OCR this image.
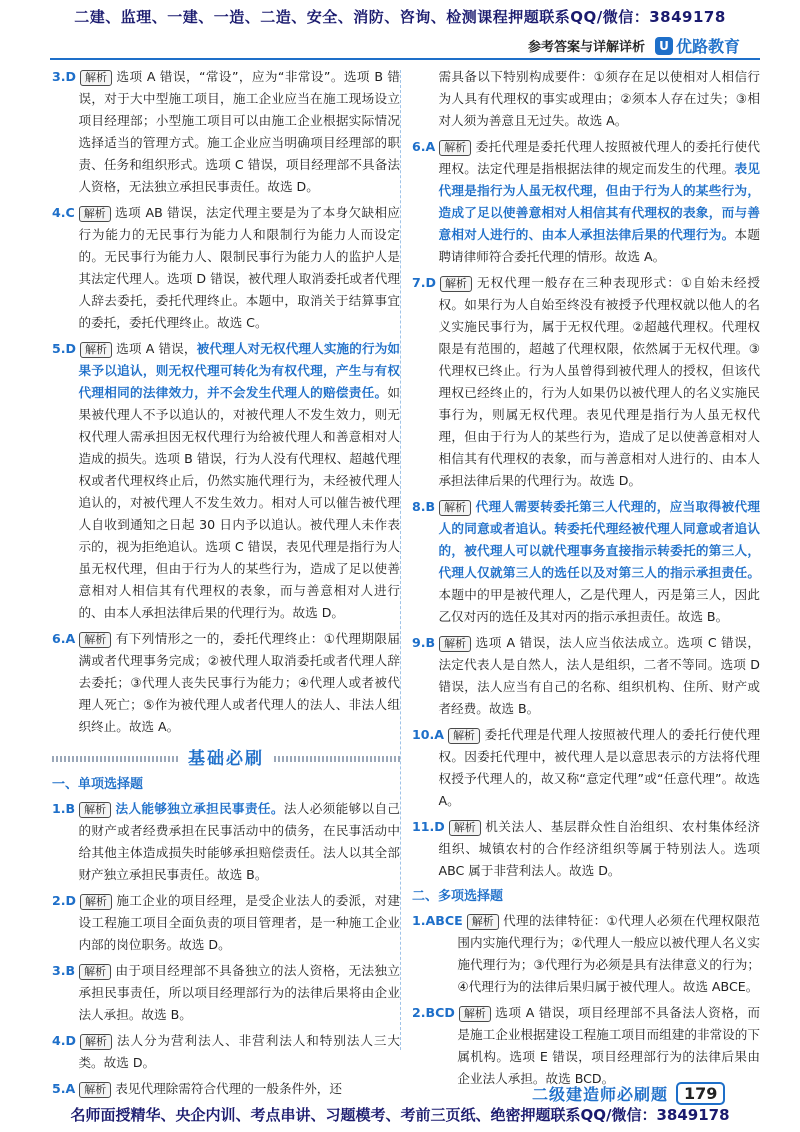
二建、监理、一建、一造、二造、安全、消防、咨询、检测课程押题联系QQ/微信：3849178
参考答案与详解详析	U 优路教育
3.D 解析 选项 A 错误，“常设”，应为“非常设”。选项 B 错误，对于大中型施工项目，施工企业应当在施工现场设立项目经理部；小型施工项目可以由施工企业根据实际情况选择适当的管理方式。施工企业应当明确项目经理部的职责、任务和组织形式。选项 C 错误，项目经理部不具备法人资格，无法独立承担民事责任。故选 D。
4.C 解析 选项 AB 错误，法定代理主要是为了本身欠缺相应行为能力的无民事行为能力人和限制行为能力人而设定的。无民事行为能力人、限制民事行为能力人的监护人是其法定代理人。选项 D 错误，被代理人取消委托或者代理人辞去委托，委托代理终止。本题中，取消关于结算事宜的委托，委托代理终止。故选 C。
5.D 解析 选项 A 错误，被代理人对无权代理人实施的行为如果予以追认，则无权代理可转化为有权代理，产生与有权代理相同的法律效力，并不会发生代理人的赔偿责任。如果被代理人不予以追认的，对被代理人不发生效力，则无权代理人需承担因无权代理行为给被代理人和善意相对人造成的损失。选项 B 错误，行为人没有代理权、超越代理权或者代理权终止后，仍然实施代理行为，未经被代理人追认的，对被代理人不发生效力。相对人可以催告被代理人自收到通知之日起 30 日内予以追认。被代理人未作表示的，视为拒绝追认。选项 C 错误，表见代理是指行为人虽无权代理，但由于行为人的某些行为，造成了足以使善意相对人相信其有代理权的表象，而与善意相对人进行的、由本人承担法律后果的代理行为。故选 D。
6.A 解析 有下列情形之一的，委托代理终止：①代理期限届满或者代理事务完成；②被代理人取消委托或者代理人辞去委托；③代理人丧失民事行为能力；④代理人或者被代理人死亡；⑤作为被代理人或者代理人的法人、非法人组织终止。故选 A。
基础必刷
一、单项选择题
1.B 解析 法人能够独立承担民事责任。法人必须能够以自己的财产或者经费承担在民事活动中的债务，在民事活动中给其他主体造成损失时能够承担赔偿责任。法人以其全部财产独立承担民事责任。故选 B。
2.D 解析 施工企业的项目经理，是受企业法人的委派，对建设工程施工项目全面负责的项目管理者，是一种施工企业内部的岗位职务。故选 D。
3.B 解析 由于项目经理部不具备独立的法人资格，无法独立承担民事责任，所以项目经理部行为的法律后果将由企业法人承担。故选 B。
4.D 解析 法人分为营利法人、非营利法人和特别法人三大类。故选 D。
5.A 解析 表见代理除需符合代理的一般条件外，还
需具备以下特别构成要件：①须存在足以使相对人相信行为人具有代理权的事实或理由；②须本人存在过失；③相对人须为善意且无过失。故选 A。
6.A 解析 委托代理是委托代理人按照被代理人的委托行使代理权。法定代理是指根据法律的规定而发生的代理。表见代理是指行为人虽无权代理，但由于行为人的某些行为，造成了足以使善意相对人相信其有代理权的表象，而与善意相对人进行的、由本人承担法律后果的代理行为。本题聘请律师符合委托代理的情形。故选 A。
7.D 解析 无权代理一般存在三种表现形式：①自始未经授权。如果行为人自始至终没有被授予代理权就以他人的名义实施民事行为，属于无权代理。②超越代理权。代理权限是有范围的，超越了代理权限，依然属于无权代理。③代理权已终止。行为人虽曾得到被代理人的授权，但该代理权已经终止的，行为人如果仍以被代理人的名义实施民事行为，则属无权代理。表见代理是指行为人虽无权代理，但由于行为人的某些行为，造成了足以使善意相对人相信其有代理权的表象，而与善意相对人进行的、由本人承担法律后果的代理行为。故选 D。
8.B 解析 代理人需要转委托第三人代理的，应当取得被代理人的同意或者追认。转委托代理经被代理人同意或者追认的，被代理人可以就代理事务直接指示转委托的第三人，代理人仅就第三人的选任以及对第三人的指示承担责任。本题中的甲是被代理人，乙是代理人，丙是第三人，因此乙仅对丙的选任及其对丙的指示承担责任。故选 B。
9.B 解析 选项 A 错误，法人应当依法成立。选项 C 错误，法定代表人是自然人，法人是组织，二者不等同。选项 D 错误，法人应当有自己的名称、组织机构、住所、财产或者经费。故选 B。
10.A 解析 委托代理是代理人按照被代理人的委托行使代理权。因委托代理中，被代理人是以意思表示的方法将代理权授予代理人的，故又称“意定代理”或“任意代理”。故选 A。
11.D 解析 机关法人、基层群众性自治组织、农村集体经济组织、城镇农村的合作经济组织等属于特别法人。选项 ABC 属于非营利法人。故选 D。
二、多项选择题
1.ABCE 解析 代理的法律特征：①代理人必须在代理权限范围内实施代理行为；②代理人一般应以被代理人名义实施代理行为；③代理行为必须是具有法律意义的行为；④代理行为的法律后果归属于被代理人。故选 ABCE。
2.BCD 解析 选项 A 错误，项目经理部不具备法人资格，而是施工企业根据建设工程施工项目而组建的非常设的下属机构。选项 E 错误，项目经理部行为的法律后果由企业法人承担。故选 BCD。
二级建造师必刷题	179
名师面授精华、央企内训、考点串讲、习题模考、考前三页纸、绝密押题联系QQ/微信：3849178
